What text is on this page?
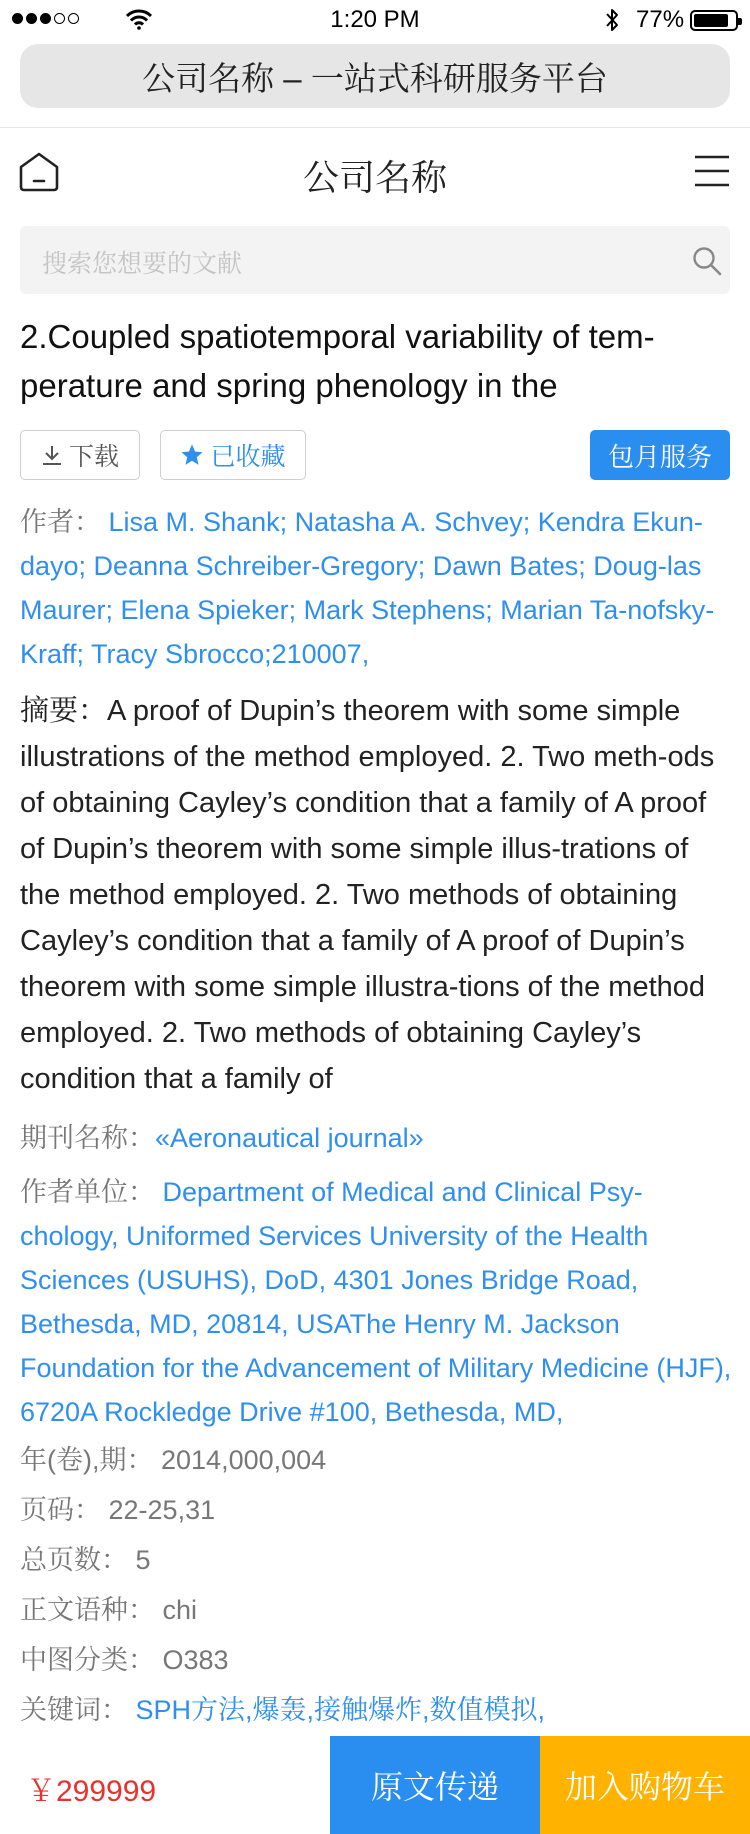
1:20 PM	77%
公司名称 – 一站式科研服务平台
公司名称
搜索您想要的文献
2.Coupled spatiotemporal variability of tem-perature and spring phenology in the
下载	已收藏	包月服务
作者： Lisa M. Shank; Natasha A. Schvey; Kendra Ekun-dayo; Deanna Schreiber-Gregory; Dawn Bates; Doug-las Maurer; Elena Spieker; Mark Stephens; Marian Ta-nofsky-Kraff; Tracy Sbrocco;210007,
摘要：A proof of Dupin’s theorem with some simple illustrations of the method employed. 2. Two meth-ods of obtaining Cayley’s condition that a family of A proof of Dupin’s theorem with some simple illus-trations of the method employed. 2. Two methods of obtaining Cayley’s condition that a family of A proof of Dupin’s theorem with some simple illustra-tions of the method employed. 2. Two methods of obtaining Cayley’s condition that a family of
期刊名称：«Aeronautical journal»
作者单位： Department of Medical and Clinical Psy-chology, Uniformed Services University of the Health Sciences (USUHS), DoD, 4301 Jones Bridge Road, Bethesda, MD, 20814, USAThe Henry M. Jackson Foundation for the Advancement of Military Medicine (HJF), 6720A Rockledge Drive #100, Bethesda, MD,
年(卷),期： 2014,000,004
页码： 22-25,31
总页数： 5
正文语种： chi
中图分类： O383
关键词： SPH方法,爆轰,接触爆炸,数值模拟,
￥299999	原文传递	加入购物车
